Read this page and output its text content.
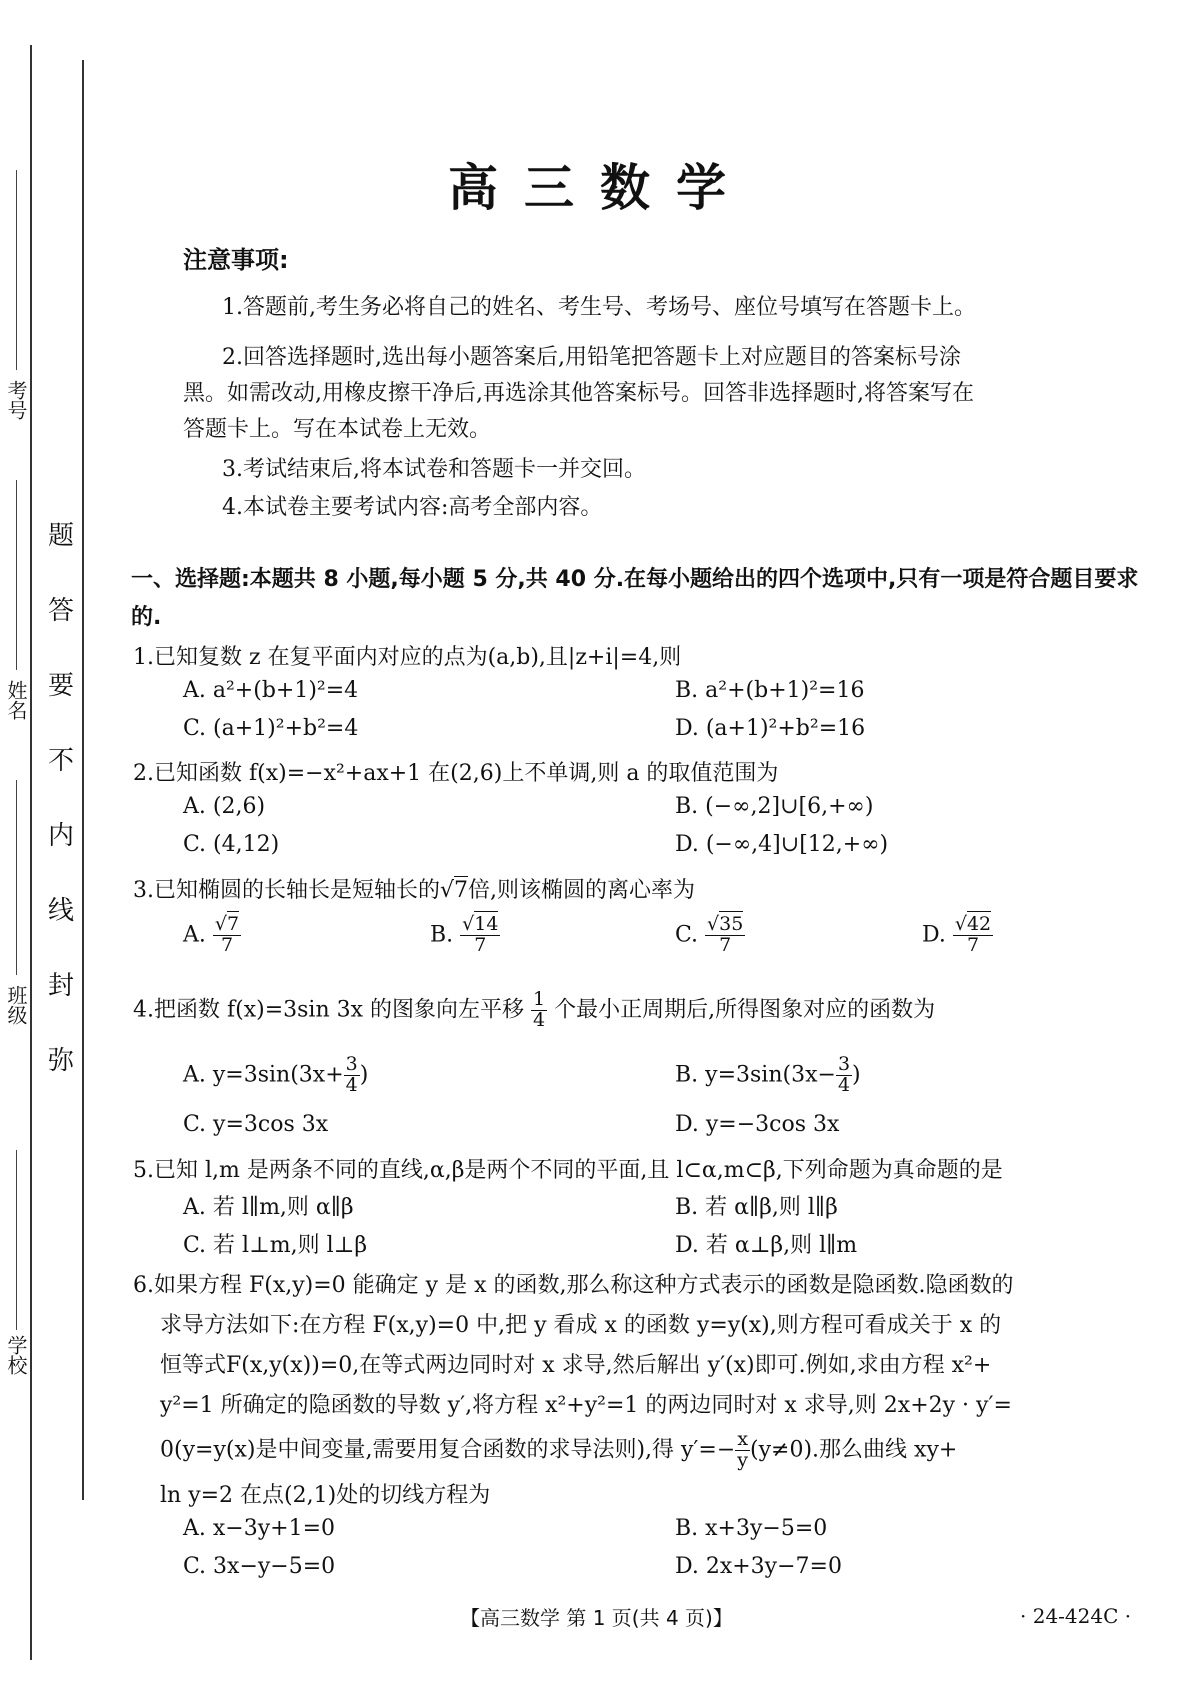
学校
班级
姓名
考号
题
答
要
不
内
线
封
弥
高三数学
注意事项:
1.答题前,考生务必将自己的姓名、考生号、考场号、座位号填写在答题卡上。
2.回答选择题时,选出每小题答案后,用铅笔把答题卡上对应题目的答案标号涂
黑。如需改动,用橡皮擦干净后,再选涂其他答案标号。回答非选择题时,将答案写在
答题卡上。写在本试卷上无效。
3.考试结束后,将本试卷和答题卡一并交回。
4.本试卷主要考试内容:高考全部内容。
一、选择题:本题共 8 小题,每小题 5 分,共 40 分.在每小题给出的四个选项中,只有一项是符合题目要求的.
1.已知复数 z 在复平面内对应的点为(a,b),且|z+i|=4,则
A. a²+(b+1)²=4	B. a²+(b+1)²=16
C. (a+1)²+b²=4	D. (a+1)²+b²=16
2.已知函数 f(x)=−x²+ax+1 在(2,6)上不单调,则 a 的取值范围为
A. (2,6)	B. (−∞,2]∪[6,+∞)
C. (4,12)	D. (−∞,4]∪[12,+∞)
3.已知椭圆的长轴长是短轴长的√7倍,则该椭圆的离心率为
A. $\frac{√7}{7}$	B. $\frac{√14}{7}$	C. $\frac{√35}{7}$	D. $\frac{√42}{7}$
4.把函数 f(x)=3sin 3x 的图象向左平移 $\frac{1}{4}$ 个最小正周期后,所得图象对应的函数为
A. $y=3\sin(3x+ \frac{3}{4}$ )	B. $y=3\sin(3x- \frac{3}{4}$ )
C. y=3cos 3x	D. y=−3cos 3x
5.已知 l,m 是两条不同的直线,α,β是两个不同的平面,且 l⊂α,m⊂β,下列命题为真命题的是
A. 若 l∥m,则 α∥β	B. 若 α∥β,则 l∥β
C. 若 l⊥m,则 l⊥β	D. 若 α⊥β,则 l∥m
6.如果方程 F(x,y)=0 能确定 y 是 x 的函数,那么称这种方式表示的函数是隐函数.隐函数的
求导方法如下:在方程 F(x,y)=0 中,把 y 看成 x 的函数 y=y(x),则方程可看成关于 x 的
恒等式F(x,y(x))=0,在等式两边同时对 x 求导,然后解出 y′(x)即可.例如,求由方程 x²+
y²=1 所确定的隐函数的导数 y′,将方程 x²+y²=1 的两边同时对 x 求导,则 2x+2y · y′=
0(y=y(x)是中间变量,需要用复合函数的求导法则),得 $y'=- \frac{x}{y} (y\ne 0)$.那么曲线 xy+
ln y=2 在点(2,1)处的切线方程为
A. x−3y+1=0	B. x+3y−5=0
C. 3x−y−5=0	D. 2x+3y−7=0
【高三数学 第 1 页(共 4 页)】	· 24-424C ·
